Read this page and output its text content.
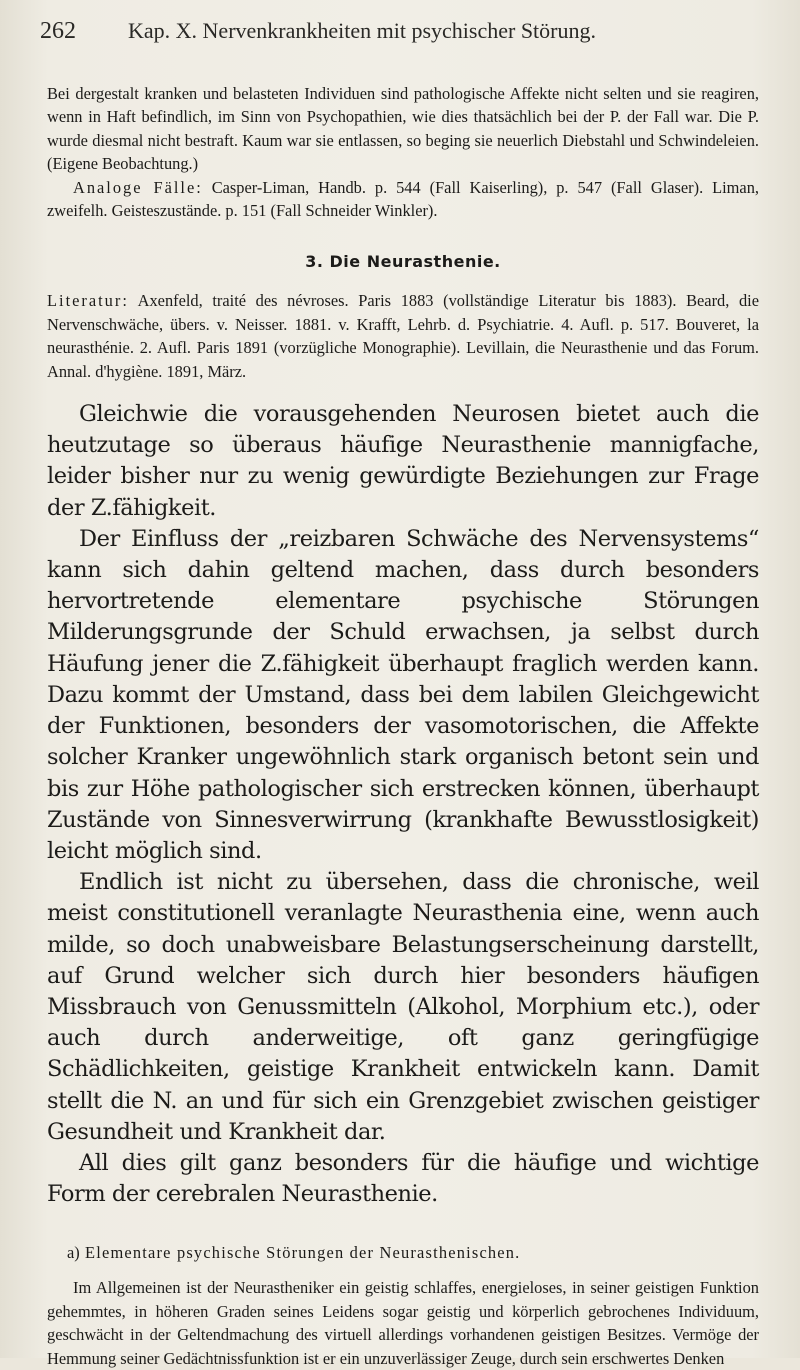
262 Kap. X. Nervenkrankheiten mit psychischer Störung.

Bei dergestalt kranken und belasteten Individuen sind pathologische Affekte nicht selten und sie reagiren, wenn in Haft befindlich, im Sinn von Psychopathien, wie dies thatsächlich bei der P. der Fall war. Die P. wurde diesmal nicht bestraft. Kaum war sie entlassen, so beging sie neuerlich Diebstahl und Schwindeleien. (Eigene Beobachtung.)

Analoge Fälle: Casper-Liman, Handb. p. 544 (Fall Kaiserling), p. 547 (Fall Glaser). Liman, zweifelh. Geisteszustände. p. 151 (Fall Schneider Winkler).

3. Die Neurasthenie.

Literatur: Axenfeld, traité des névroses. Paris 1883 (vollständige Literatur bis 1883). Beard, die Nervenschwäche, übers. v. Neisser. 1881. v. Krafft, Lehrb. d. Psychiatrie. 4. Aufl. p. 517. Bouveret, la neurasthénie. 2. Aufl. Paris 1891 (vorzügliche Monographie). Levillain, die Neurasthenie und das Forum. Annal. d'hygiène. 1891, März.

Gleichwie die vorausgehenden Neurosen bietet auch die heutzutage so überaus häufige Neurasthenie mannigfache, leider bisher nur zu wenig gewürdigte Beziehungen zur Frage der Z.fähigkeit.

Der Einfluss der „reizbaren Schwäche des Nervensystems“ kann sich dahin geltend machen, dass durch besonders hervortretende elementare psychische Störungen Milderungsgrunde der Schuld erwachsen, ja selbst durch Häufung jener die Z.fähigkeit überhaupt fraglich werden kann. Dazu kommt der Umstand, dass bei dem labilen Gleichgewicht der Funktionen, besonders der vasomotorischen, die Affekte solcher Kranker ungewöhnlich stark organisch betont sein und bis zur Höhe pathologischer sich erstrecken können, überhaupt Zustände von Sinnesverwirrung (krankhafte Bewusstlosigkeit) leicht möglich sind.

Endlich ist nicht zu übersehen, dass die chronische, weil meist constitutionell veranlagte Neurasthenia eine, wenn auch milde, so doch unabweisbare Belastungserscheinung darstellt, auf Grund welcher sich durch hier besonders häufigen Missbrauch von Genussmitteln (Alkohol, Morphium etc.), oder auch durch anderweitige, oft ganz geringfügige Schädlichkeiten, geistige Krankheit entwickeln kann. Damit stellt die N. an und für sich ein Grenzgebiet zwischen geistiger Gesundheit und Krankheit dar.

All dies gilt ganz besonders für die häufige und wichtige Form der cerebralen Neurasthenie.

a) Elementare psychische Störungen der Neurasthenischen.

Im Allgemeinen ist der Neurastheniker ein geistig schlaffes, energieloses, in seiner geistigen Funktion gehemmtes, in höheren Graden seines Leidens sogar geistig und körperlich gebrochenes Individuum, geschwächt in der Geltendmachung des virtuell allerdings vorhandenen geistigen Besitzes. Vermöge der Hemmung seiner Gedächtnissfunktion ist er ein unzuverlässiger Zeuge, durch sein erschwertes Denken
